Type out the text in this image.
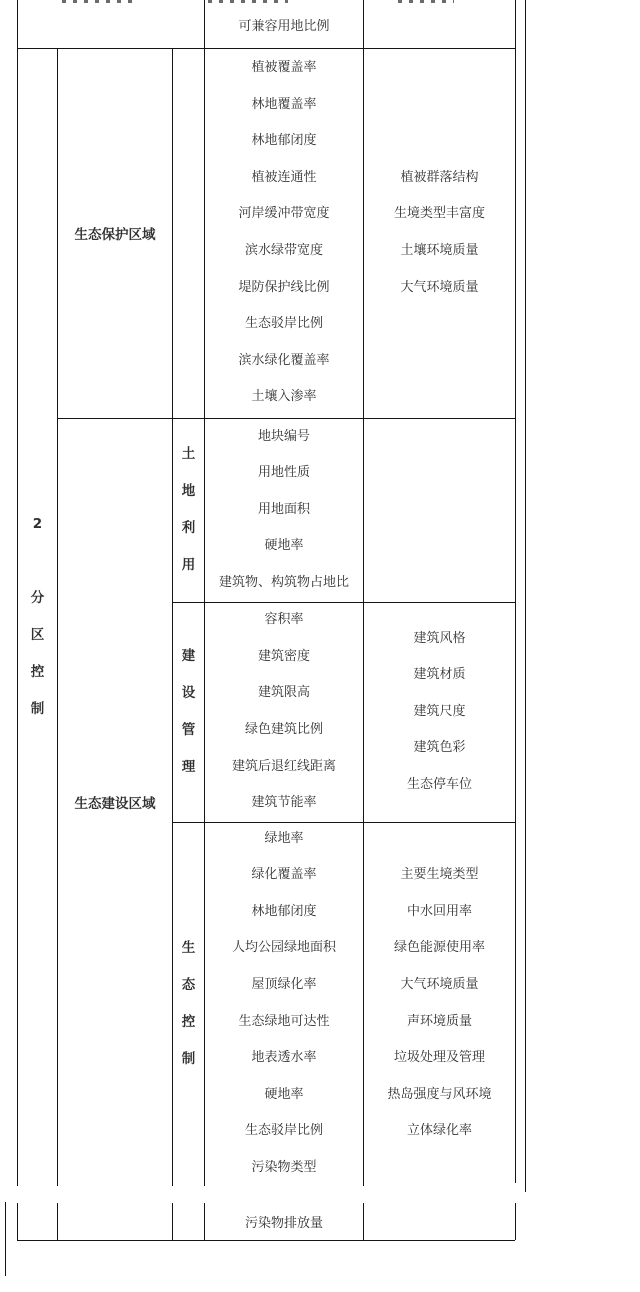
可兼容用地比例
2
分
区
控
制
生态保护区域
植被覆盖率
林地覆盖率
林地郁闭度
植被连通性
河岸缓冲带宽度
滨水绿带宽度
堤防保护线比例
生态驳岸比例
滨水绿化覆盖率
土壤入渗率
植被群落结构
生境类型丰富度
土壤环境质量
大气环境质量
生态建设区域
土
地
利
用
地块编号
用地性质
用地面积
硬地率
建筑物、构筑物占地比
建
设
管
理
容积率
建筑密度
建筑限高
绿色建筑比例
建筑后退红线距离
建筑节能率
建筑风格
建筑材质
建筑尺度
建筑色彩
生态停车位
生
态
控
制
绿地率
绿化覆盖率
林地郁闭度
人均公园绿地面积
屋顶绿化率
生态绿地可达性
地表透水率
硬地率
生态驳岸比例
污染物类型
主要生境类型
中水回用率
绿色能源使用率
大气环境质量
声环境质量
垃圾处理及管理
热岛强度与风环境
立体绿化率
污染物排放量
